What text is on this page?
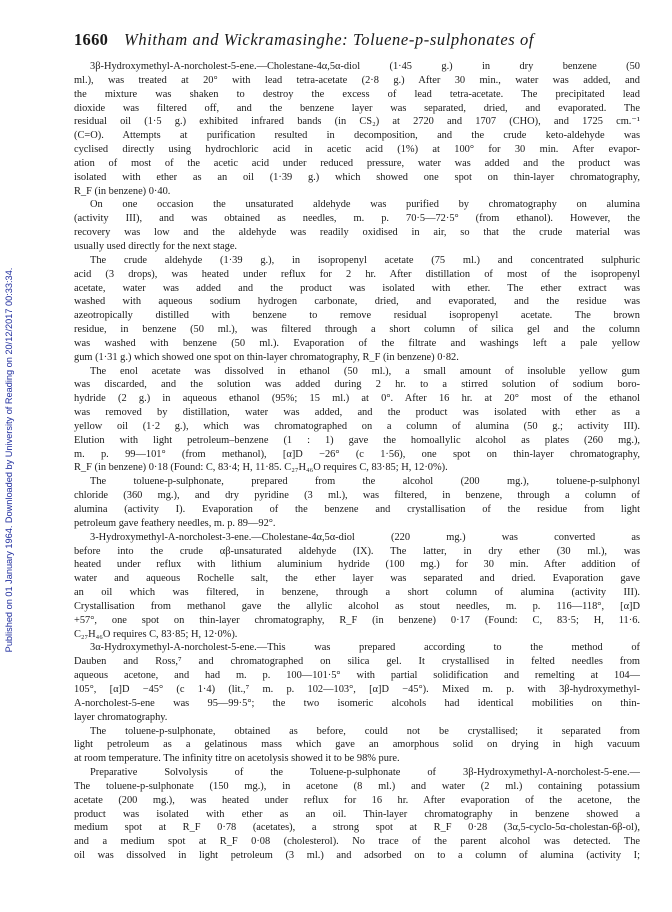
1660 Whitham and Wickramasinghe: Toluene-p-sulphonates of
Published on 01 January 1964. Downloaded by University of Reading on 20/12/2017 00:33:34.
3β-Hydroxymethyl-A-norcholest-5-ene.—Cholestane-4α,5α-diol (1·45 g.) in dry benzene (50
ml.), was treated at 20° with lead tetra-acetate (2·8 g.) After 30 min., water was added, and
the mixture was shaken to destroy the excess of lead tetra-acetate. The precipitated lead
dioxide was filtered off, and the benzene layer was separated, dried, and evaporated. The
residual oil (1·5 g.) exhibited infrared bands (in CS₂) at 2720 and 1707 (CHO), and 1725 cm.⁻¹
(C=O). Attempts at purification resulted in decomposition, and the crude keto-aldehyde was
cyclised directly using hydrochloric acid in acetic acid (1%) at 100° for 30 min. After evapor-
ation of most of the acetic acid under reduced pressure, water was added and the product was
isolated with ether as an oil (1·39 g.) which showed one spot on thin-layer chromatography,
R_F (in benzene) 0·40.
On one occasion the unsaturated aldehyde was purified by chromatography on alumina
(activity III), and was obtained as needles, m. p. 70·5—72·5° (from ethanol). However, the
recovery was low and the aldehyde was readily oxidised in air, so that the crude material was
usually used directly for the next stage.
The crude aldehyde (1·39 g.), in isopropenyl acetate (75 ml.) and concentrated sulphuric
acid (3 drops), was heated under reflux for 2 hr. After distillation of most of the isopropenyl
acetate, water was added and the product was isolated with ether. The ether extract was
washed with aqueous sodium hydrogen carbonate, dried, and evaporated, and the residue was
azeotropically distilled with benzene to remove residual isopropenyl acetate. The brown
residue, in benzene (50 ml.), was filtered through a short column of silica gel and the column
was washed with benzene (50 ml.). Evaporation of the filtrate and washings left a pale yellow
gum (1·31 g.) which showed one spot on thin-layer chromatography, R_F (in benzene) 0·82.
The enol acetate was dissolved in ethanol (50 ml.), a small amount of insoluble yellow gum
was discarded, and the solution was added during 2 hr. to a stirred solution of sodium boro-
hydride (2 g.) in aqueous ethanol (95%; 15 ml.) at 0°. After 16 hr. at 20° most of the ethanol
was removed by distillation, water was added, and the product was isolated with ether as a
yellow oil (1·2 g.), which was chromatographed on a column of alumina (50 g.; activity III).
Elution with light petroleum–benzene (1 : 1) gave the homoallylic alcohol as plates (260 mg.),
m. p. 99—101° (from methanol), [α]D −26° (c 1·56), one spot on thin-layer chromatography,
R_F (in benzene) 0·18 (Found: C, 83·4; H, 11·85. C₂₇H₄₆O requires C, 83·85; H, 12·0%).
The toluene-p-sulphonate, prepared from the alcohol (200 mg.), toluene-p-sulphonyl
chloride (360 mg.), and dry pyridine (3 ml.), was filtered, in benzene, through a column of
alumina (activity I). Evaporation of the benzene and crystallisation of the residue from light
petroleum gave feathery needles, m. p. 89—92°.
3-Hydroxymethyl-A-norcholest-3-ene.—Cholestane-4α,5α-diol (220 mg.) was converted as
before into the crude αβ-unsaturated aldehyde (IX). The latter, in dry ether (30 ml.), was
heated under reflux with lithium aluminium hydride (100 mg.) for 30 min. After addition of
water and aqueous Rochelle salt, the ether layer was separated and dried. Evaporation gave
an oil which was filtered, in benzene, through a short column of alumina (activity III).
Crystallisation from methanol gave the allylic alcohol as stout needles, m. p. 116—118°, [α]D
+57°, one spot on thin-layer chromatography, R_F (in benzene) 0·17 (Found: C, 83·5; H, 11·6.
C₂₇H₄₆O requires C, 83·85; H, 12·0%).
3α-Hydroxymethyl-A-norcholest-5-ene.—This was prepared according to the method of
Dauben and Ross,⁷ and chromatographed on silica gel. It crystallised in felted needles from
aqueous acetone, and had m. p. 100—101·5° with partial solidification and remelting at 104—
105°, [α]D −45° (c 1·4) (lit.,⁷ m. p. 102—103°, [α]D −45°). Mixed m. p. with 3β-hydroxymethyl-
A-norcholest-5-ene was 95—99·5°; the two isomeric alcohols had identical mobilities on thin-
layer chromatography.
The toluene-p-sulphonate, obtained as before, could not be crystallised; it separated from
light petroleum as a gelatinous mass which gave an amorphous solid on drying in high vacuum
at room temperature. The infinity titre on acetolysis showed it to be 98% pure.
Preparative Solvolysis of the Toluene-p-sulphonate of 3β-Hydroxymethyl-A-norcholest-5-ene.—
The toluene-p-sulphonate (150 mg.), in acetone (8 ml.) and water (2 ml.) containing potassium
acetate (200 mg.), was heated under reflux for 16 hr. After evaporation of the acetone, the
product was isolated with ether as an oil. Thin-layer chromatography in benzene showed a
medium spot at R_F 0·78 (acetates), a strong spot at R_F 0·28 (3α,5-cyclo-5α-cholestan-6β-ol),
and a medium spot at R_F 0·08 (cholesterol). No trace of the parent alcohol was detected. The
oil was dissolved in light petroleum (3 ml.) and adsorbed on to a column of alumina (activity I;
